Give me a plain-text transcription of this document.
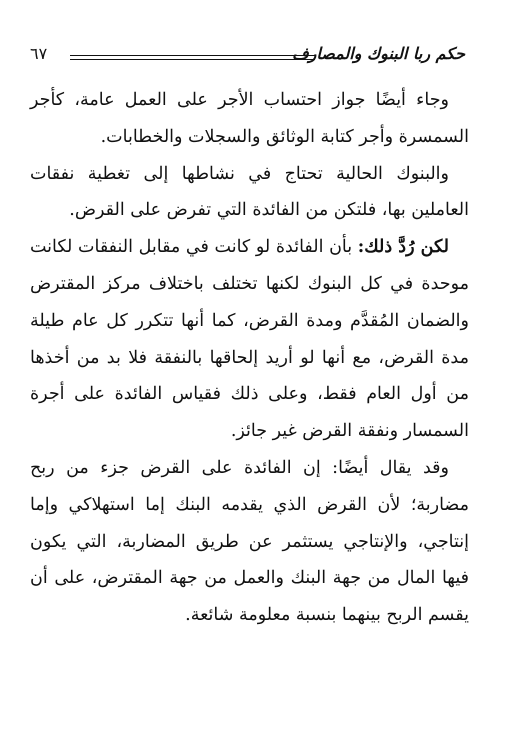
حكم ربا البنوك والمصارف
٦٧

وجاء أيضًا جواز احتساب الأجر على العمل عامة، كأجر السمسرة وأجر كتابة الوثائق والسجلات والخطابات.

والبنوك الحالية تحتاج في نشاطها إلى تغطية نفقات العاملين بها، فلتكن من الفائدة التي تفرض على القرض.

لكن رُدَّ ذلك: بأن الفائدة لو كانت في مقابل النفقات لكانت موحدة في كل البنوك لكنها تختلف باختلاف مركز المقترض والضمان المُقدَّم ومدة القرض، كما أنها تتكرر كل عام طيلة مدة القرض، مع أنها لو أريد إلحاقها بالنفقة فلا بد من أخذها من أول العام فقط، وعلى ذلك فقياس الفائدة على أجرة السمسار ونفقة القرض غير جائز.

وقد يقال أيضًا: إن الفائدة على القرض جزء من ربح مضاربة؛ لأن القرض الذي يقدمه البنك إما استهلاكي وإما إنتاجي، والإنتاجي يستثمر عن طريق المضاربة، التي يكون فيها المال من جهة البنك والعمل من جهة المقترض، على أن يقسم الربح بينهما بنسبة معلومة شائعة.
